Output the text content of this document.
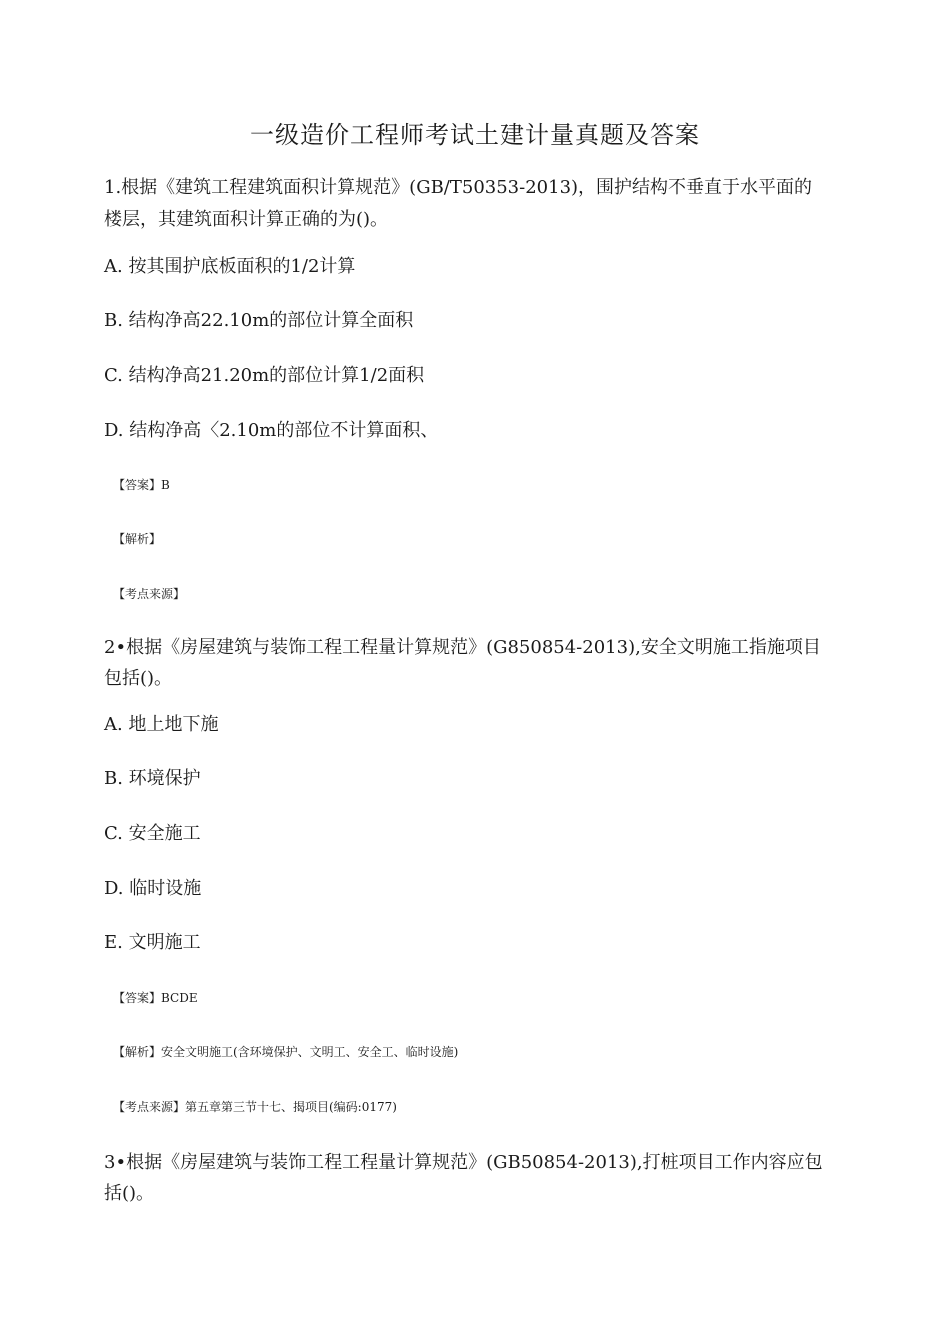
一级造价工程师考试土建计量真题及答案
1.根据《建筑工程建筑面积计算规范》(GB/T50353-2013)，围护结构不垂直于水平面的
楼层，其建筑面积计算正确的为()。
A. 按其围护底板面积的1/2计算
B. 结构净高22.10m的部位计算全面积
C. 结构净高21.20m的部位计算1/2面积
D. 结构净高〈2.10m的部位不计算面积、
【答案】B
【解析】
【考点来源】
2•根据《房屋建筑与装饰工程工程量计算规范》(G850854-2013),安全文明施工指施项目
包括()。
A. 地上地下施
B. 环境保护
C. 安全施工
D. 临时设施
E. 文明施工
【答案】BCDE
【解析】安全文明施工(含环境保护、文明工、安全工、临时设施)
【考点来源】第五章第三节十七、揭项目(编码:0177)
3•根据《房屋建筑与装饰工程工程量计算规范》(GB50854-2013),打桩项目工作内容应包
括()。
